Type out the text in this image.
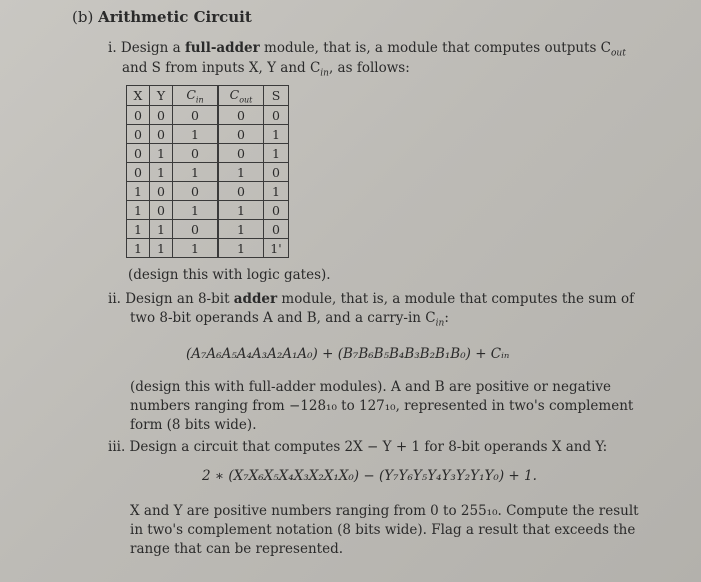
(b) Arithmetic Circuit
i. Design a full-adder module, that is, a module that computes outputs $C_{out}$
and S from inputs X, Y and $C_{in}$, as follows:
X	Y	$C_{in}$	$C_{out}$	S
0	0	0	0	0
0	0	1	0	1
0	1	0	0	1
0	1	1	1	0
1	0	0	0	1
1	0	1	1	0
1	1	0	1	0
1	1	1	1	1'
(design this with logic gates).
ii. Design an 8-bit adder module, that is, a module that computes the sum of
two 8-bit operands A and B, and a carry-in $C_{in}$:
(A₇A₆A₅A₄A₃A₂A₁A₀) + (B₇B₆B₅B₄B₃B₂B₁B₀) + Cᵢₙ
(design this with full-adder modules). A and B are positive or negative
numbers ranging from −128₁₀ to 127₁₀, represented in two's complement
form (8 bits wide).
iii. Design a circuit that computes 2X − Y + 1 for 8-bit operands X and Y:
2 ∗ (X₇X₆X₅X₄X₃X₂X₁X₀) − (Y₇Y₆Y₅Y₄Y₃Y₂Y₁Y₀) + 1.
X and Y are positive numbers ranging from 0 to 255₁₀. Compute the result
in two's complement notation (8 bits wide). Flag a result that exceeds the
range that can be represented.
